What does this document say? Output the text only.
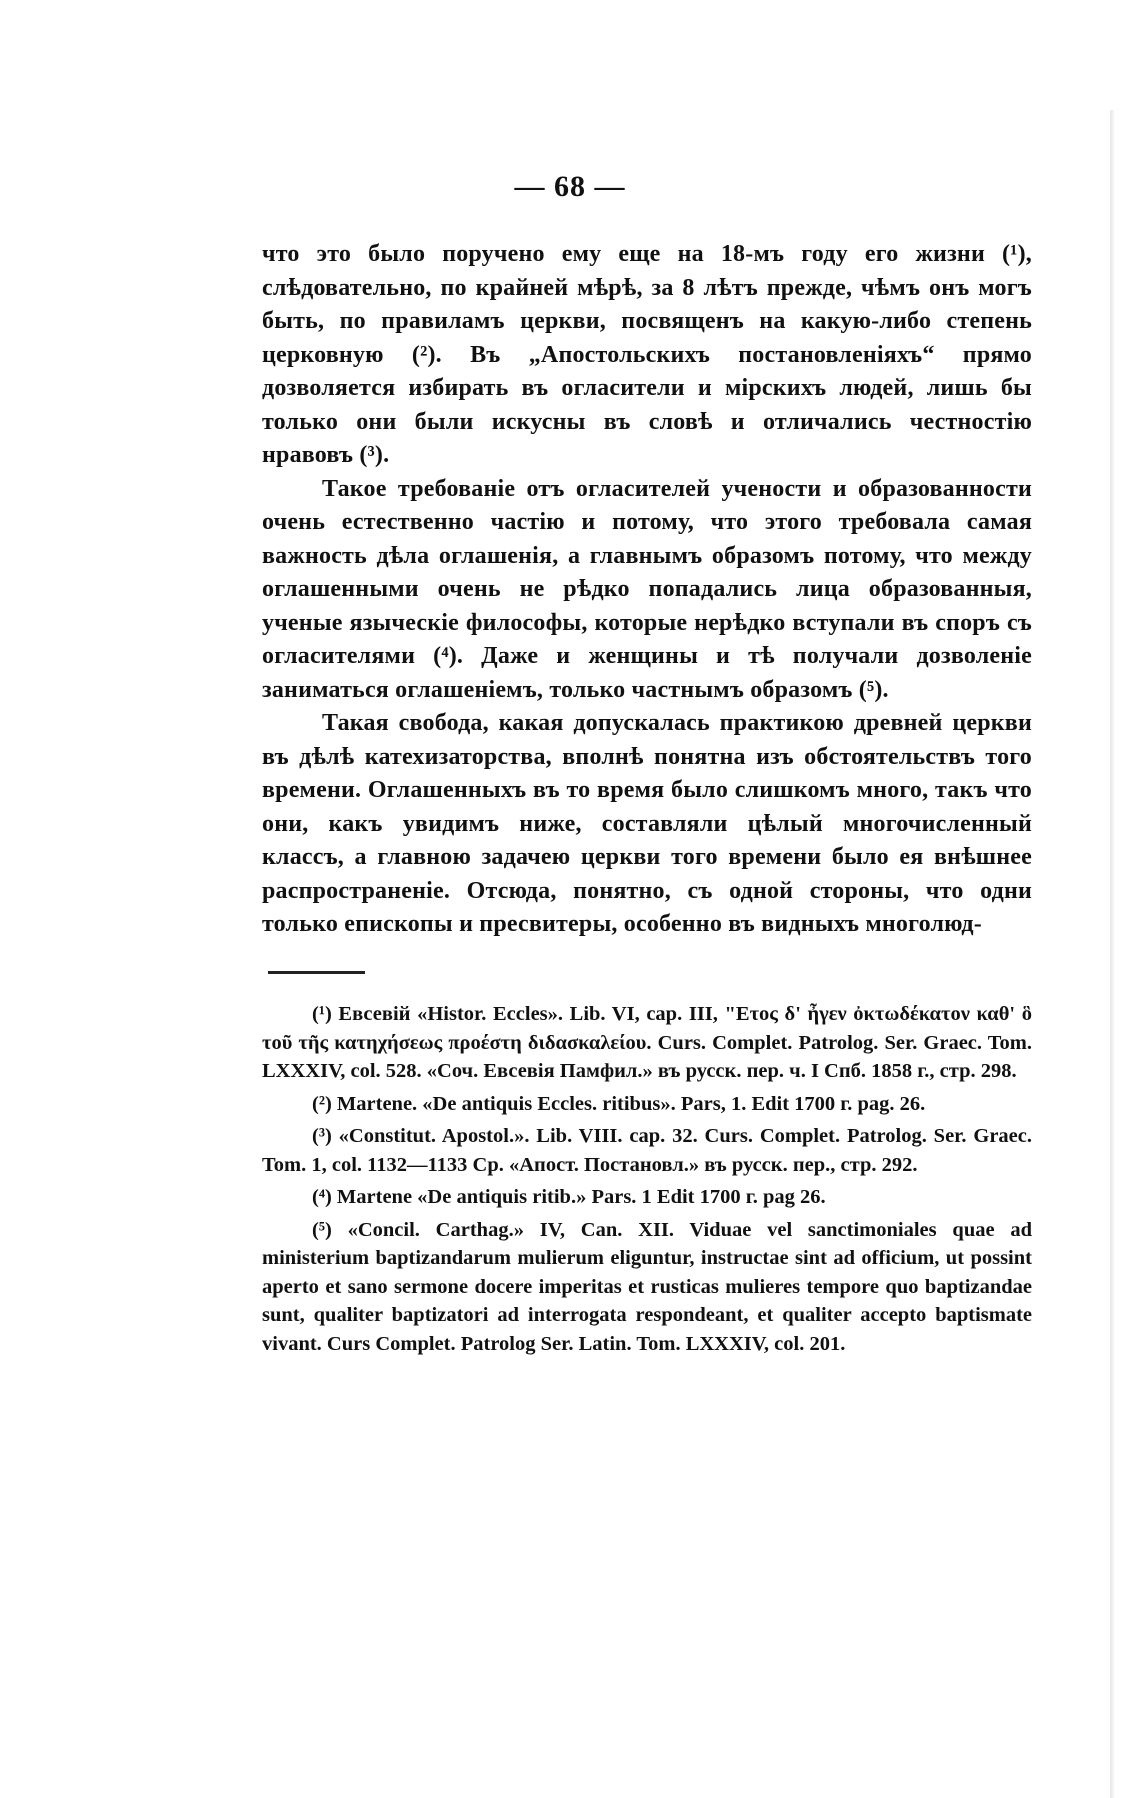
— 68 —

что это было поручено ему еще на 18-мъ году его жизни (¹), слѣдовательно, по крайней мѣрѣ, за 8 лѣтъ прежде, чѣмъ онъ могъ быть, по правиламъ церкви, посвященъ на какую-либо степень церковную (²). Въ „Апостольскихъ постановленіяхъ“ прямо дозволяется избирать въ огласители и мірскихъ людей, лишь бы только они были искусны въ словѣ и отличались честностію нравовъ (³).

Такое требованіе отъ огласителей учености и образованности очень естественно частію и потому, что этого требовала самая важность дѣла оглашенія, а главнымъ образомъ потому, что между оглашенными очень не рѣдко попадались лица образованныя, ученые языческіе философы, которые нерѣдко вступали въ споръ съ огласителями (⁴). Даже и женщины и тѣ получали дозволеніе заниматься оглашеніемъ, только частнымъ образомъ (⁵).

Такая свобода, какая допускалась практикою древней церкви въ дѣлѣ катехизаторства, вполнѣ понятна изъ обстоятельствъ того времени. Оглашенныхъ въ то время было слишкомъ много, такъ что они, какъ увидимъ ниже, составляли цѣлый многочисленный классъ, а главною задачею церкви того времени было ея внѣшнее распространеніе. Отсюда, понятно, съ одной стороны, что одни только епископы и пресвитеры, особенно въ видныхъ многолюд-

(¹) Евсевій «Histor. Eccles». Lib. VI, cap. III, "Ετος δ' ἦγεν ὀκτωδέκατον καθ' ὃ τοῦ τῆς κατηχήσεως προέστη διδασκαλείου. Curs. Complet. Patrolog. Ser. Graec. Tom. LXXXIV, col. 528. «Соч. Евсевія Памфил.» въ русск. пер. ч. I Спб. 1858 г., стр. 298.

(²) Martene. «De antiquis Eccles. ritibus». Pars, 1. Edit 1700 г. pag. 26.

(³) «Constitut. Apostol.». Lib. VIII. cap. 32. Curs. Complet. Patrolog. Ser. Graec. Tom. 1, col. 1132—1133 Ср. «Апост. Постановл.» въ русск. пер., стр. 292.

(⁴) Martene «De antiquis ritib.» Pars. 1 Edit 1700 г. pag 26.

(⁵) «Concil. Carthag.» IV, Can. XII. Viduae vel sanctimoniales quae ad ministerium baptizandarum mulierum eliguntur, instructae sint ad officium, ut possint aperto et sano sermone docere imperitas et rusticas mulieres tempore quo baptizandae sunt, qualiter baptizatori ad interrogata respondeant, et qualiter accepto baptismate vivant. Curs Complet. Patrolog Ser. Latin. Tom. LXXXIV, col. 201.
